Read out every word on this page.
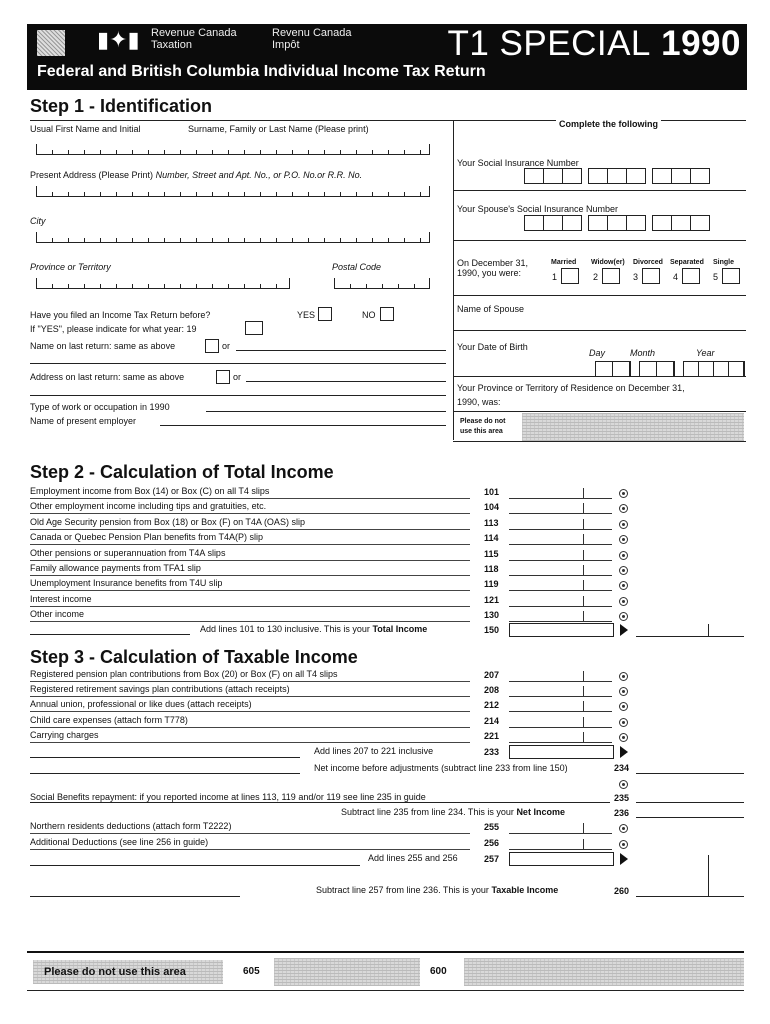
▮✦▮ Revenue Canada
Taxation
Revenu Canada
Impôt	T1 SPECIAL 1990
Federal and British Columbia Individual Income Tax Return
Step 1 - Identification
Usual First Name and Initial	Surname, Family or Last Name (Please print)
Present Address (Please Print) Number, Street and Apt. No., or P.O. No.or R.R. No.
City
Province or Territory	Postal Code
Have you filed an Income Tax Return before?	YES	NO
If "YES", please indicate for what year: 19
Name on last return: same as above	or
Address on last return: same as above	or
Type of work or occupation in 1990
Name of present employer
Complete the following
Your Social Insurance Number
Your Spouse's Social Insurance Number
On December 31,
1990, you were:
Married Widow(er) Divorced Separated Single
1	2	3	4	5
Name of Spouse
Your Date of Birth
Day	Month	Year
Your Province or Territory of Residence on December 31,
1990, was:
Please do not
use this area
Step 2 - Calculation of Total Income
Employment income from Box (14) or Box (C) on all T4 slips	101
Other employment income including tips and gratuities, etc.	104
Old Age Security pension from Box (18) or Box (F) on T4A (OAS) slip	113
Canada or Quebec Pension Plan benefits from T4A(P) slip	114
Other pensions or superannuation from T4A slips	115
Family allowance payments from TFA1 slip	118
Unemployment Insurance benefits from T4U slip	119
Interest income	121
Other income	130
Add lines 101 to 130 inclusive. This is your Total Income	150
Step 3 - Calculation of Taxable Income
Registered pension plan contributions from Box (20) or Box (F) on all T4 slips	207
Registered retirement savings plan contributions (attach receipts)	208
Annual union, professional or like dues (attach receipts)	212
Child care expenses (attach form T778)	214
Carrying charges	221
Add lines 207 to 221 inclusive	233
Net income before adjustments (subtract line 233 from line 150)	234
Social Benefits repayment: if you reported income at lines 113, 119 and/or 119 see line 235 in guide	235
Subtract line 235 from line 234. This is your Net Income	236
Northern residents deductions (attach form T2222)	255
Additional Deductions (see line 256 in guide)	256
Add lines 255 and 256	257
Subtract line 257 from line 236. This is your Taxable Income	260
Please do not use this area	605	600
